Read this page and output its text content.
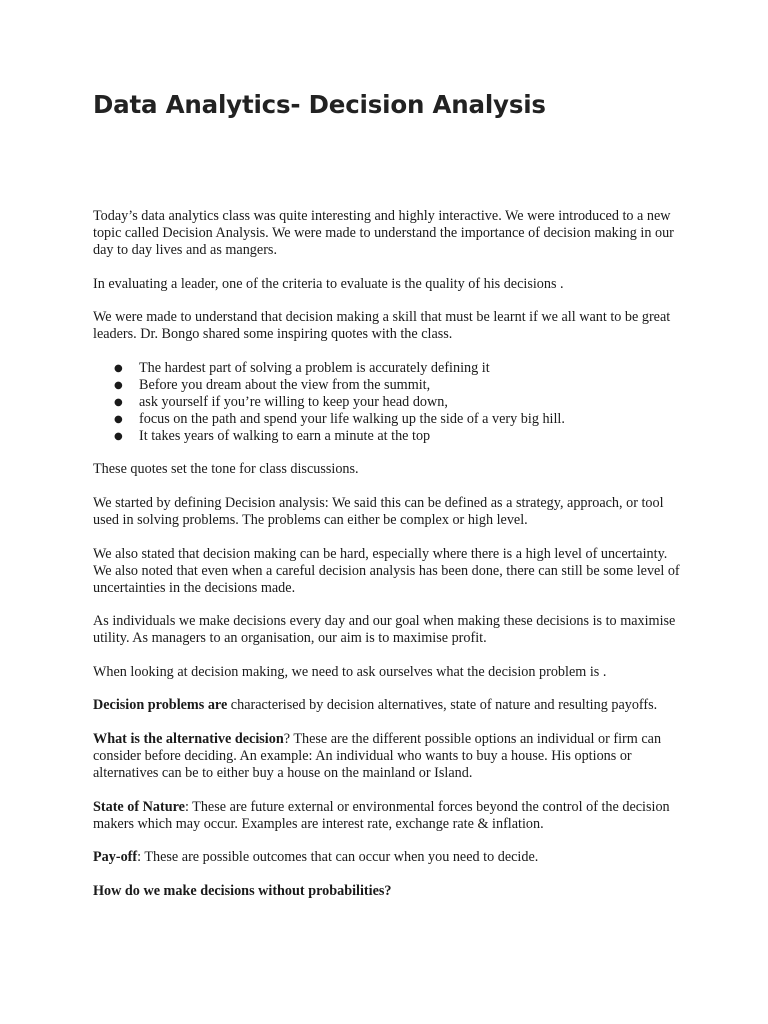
Data Analytics- Decision Analysis

Today’s data analytics class was quite interesting and highly interactive. We were introduced to a new topic called Decision Analysis. We were made to understand the importance of decision making in our day to day lives and as mangers.

In evaluating a leader, one of the criteria to evaluate is the quality of his decisions .

We were made to understand that decision making a skill that must be learnt if we all want to be great leaders. Dr. Bongo shared some inspiring quotes with the class.

● The hardest part of solving a problem is accurately defining it
● Before you dream about the view from the summit,
● ask yourself if you’re willing to keep your head down,
● focus on the path and spend your life walking up the side of a very big hill.
● It takes years of walking to earn a minute at the top

These quotes set the tone for class discussions.

We started by defining Decision analysis: We said this can be defined as a strategy, approach, or tool used in solving problems. The problems can either be complex or high level.

We also stated that decision making can be hard, especially where there is a high level of uncertainty. We also noted that even when a careful decision analysis has been done, there can still be some level of uncertainties in the decisions made.

As individuals we make decisions every day and our goal when making these decisions is to maximise utility. As managers to an organisation, our aim is to maximise profit.

When looking at decision making, we need to ask ourselves what the decision problem is .

Decision problems are characterised by decision alternatives, state of nature and resulting payoffs.

What is the alternative decision? These are the different possible options an individual or firm can consider before deciding. An example: An individual who wants to buy a house. His options or alternatives can be to either buy a house on the mainland or Island.

State of Nature: These are future external or environmental forces beyond the control of the decision makers which may occur. Examples are interest rate, exchange rate & inflation.

Pay-off: These are possible outcomes that can occur when you need to decide.

How do we make decisions without probabilities?
